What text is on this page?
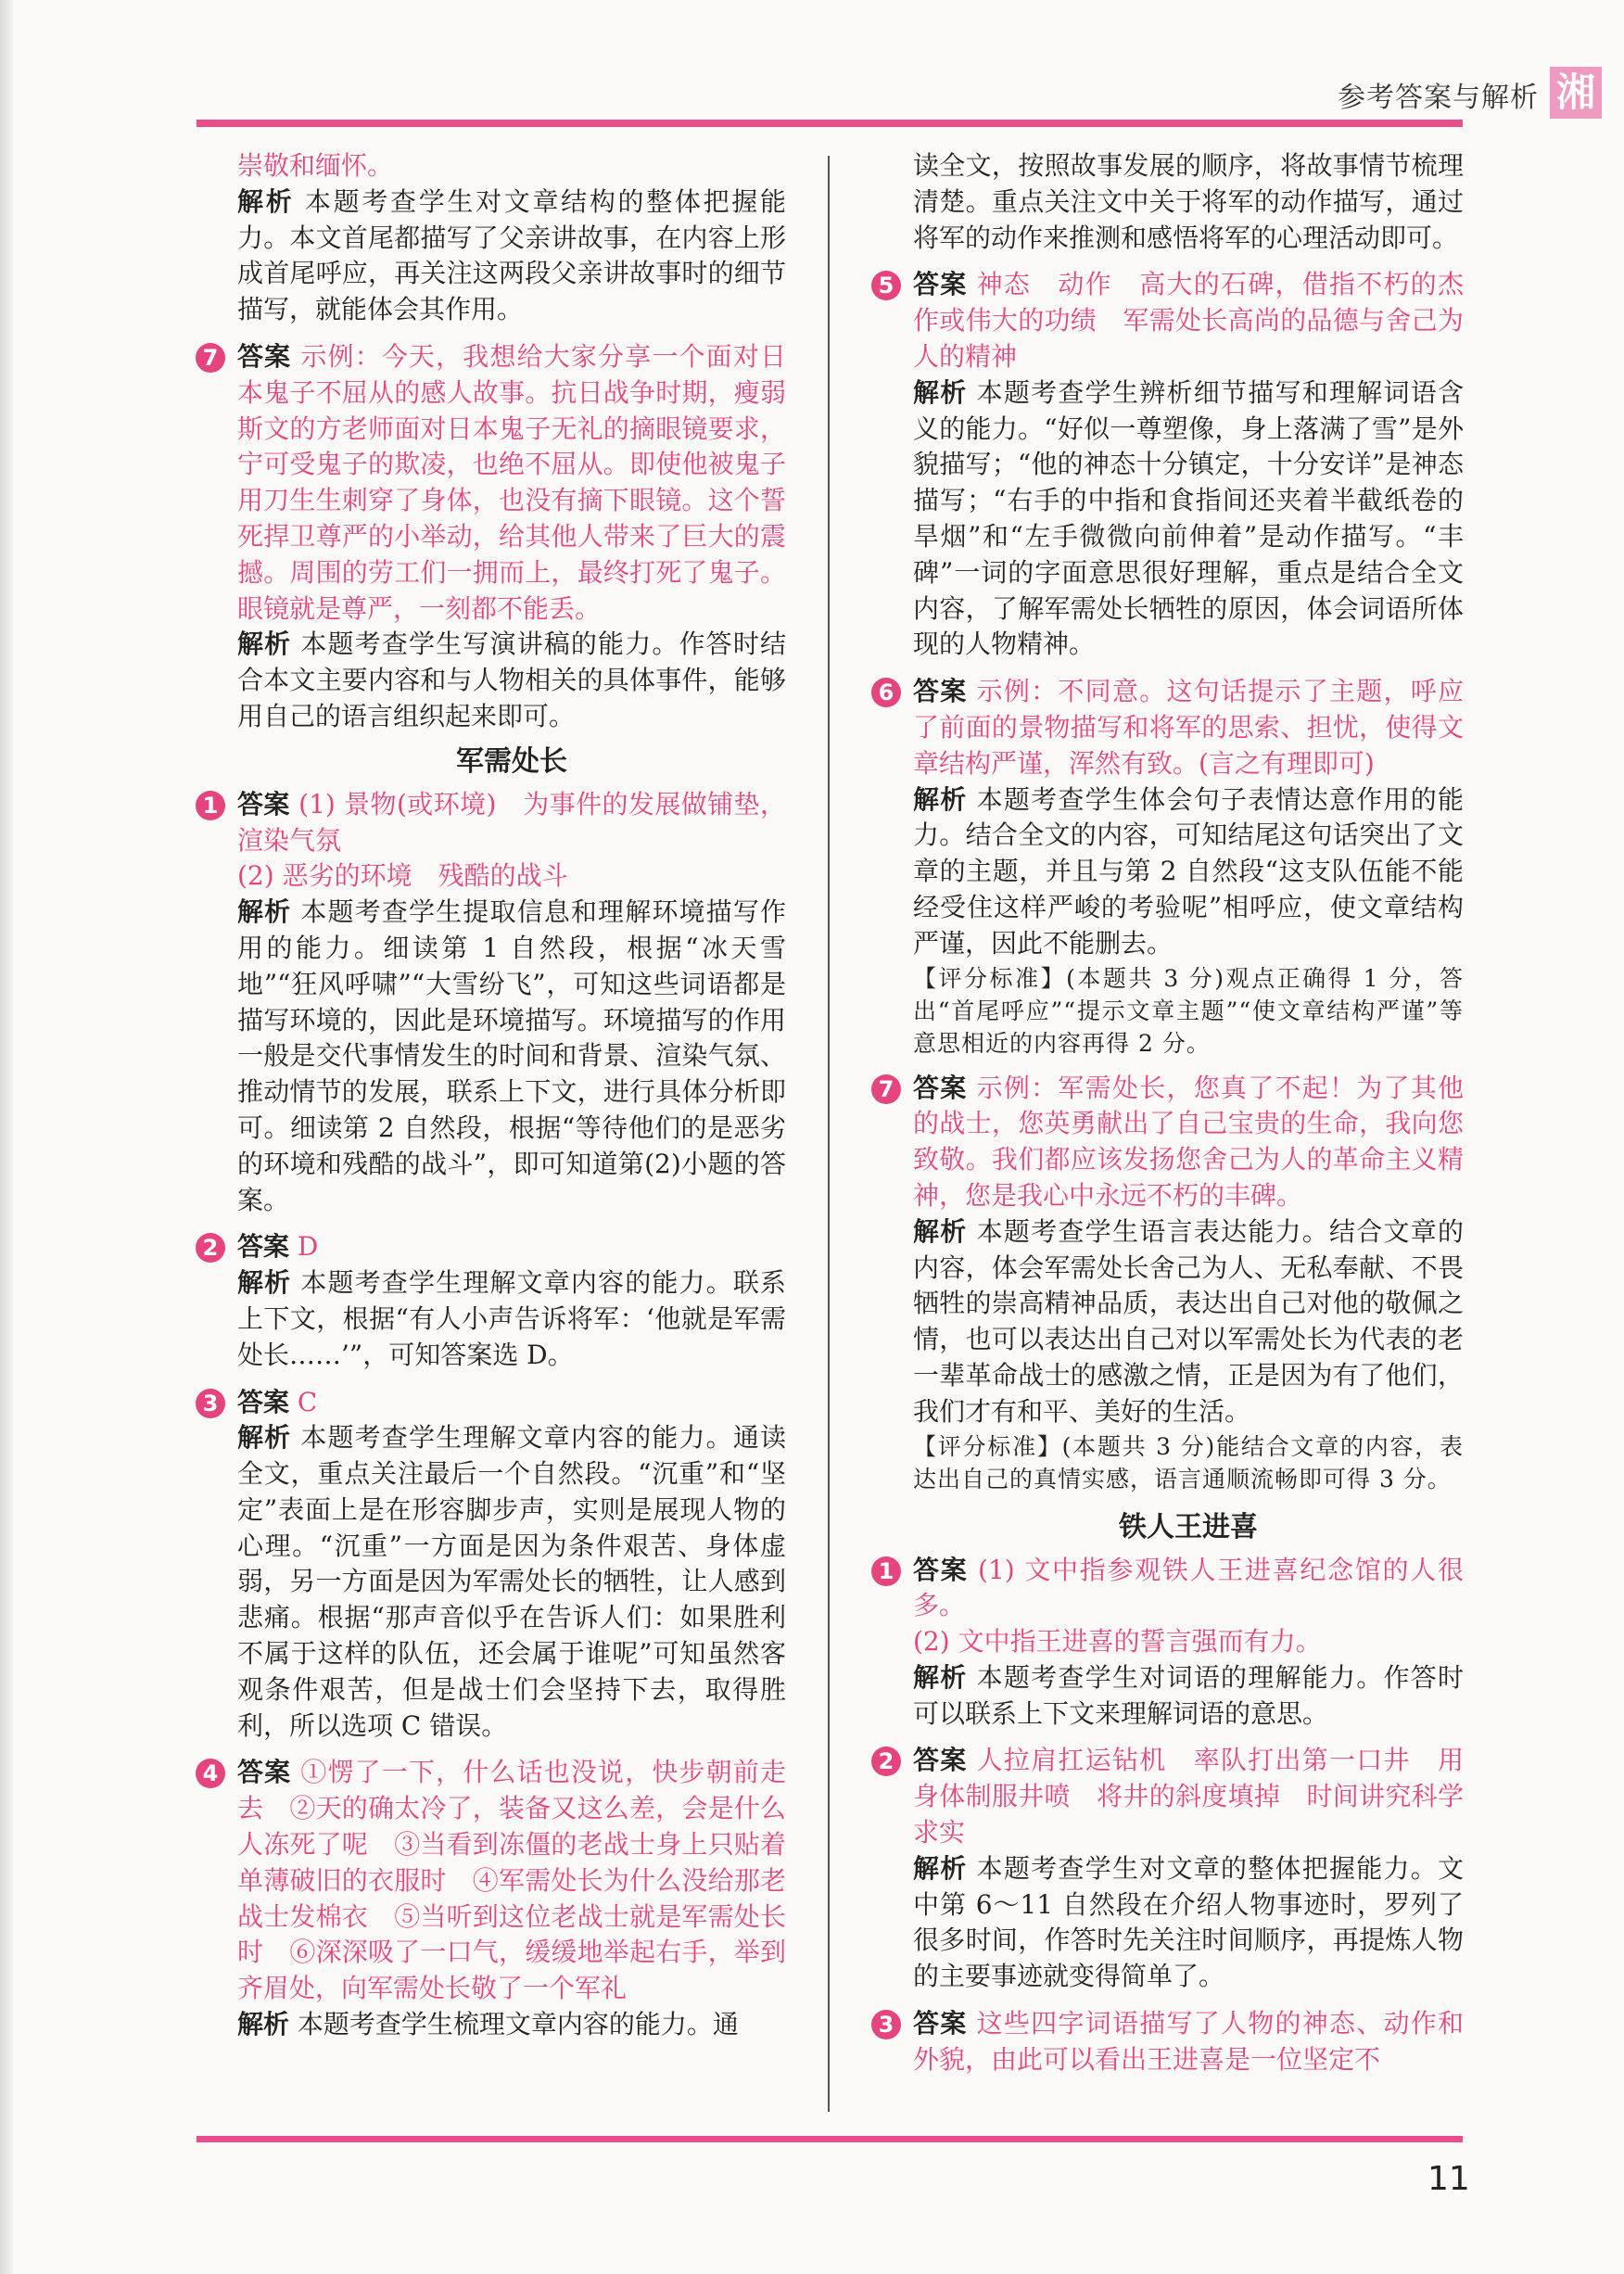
参考答案与解析 湘

崇敬和缅怀。

解析 本题考查学生对文章结构的整体把握能力。本文首尾都描写了父亲讲故事，在内容上形成首尾呼应，再关注这两段父亲讲故事时的细节描写，就能体会其作用。

7 答案 示例：今天，我想给大家分享一个面对日本鬼子不屈从的感人故事。抗日战争时期，瘦弱斯文的方老师面对日本鬼子无礼的摘眼镜要求，宁可受鬼子的欺凌，也绝不屈从。即使他被鬼子用刀生生刺穿了身体，也没有摘下眼镜。这个誓死捍卫尊严的小举动，给其他人带来了巨大的震撼。周围的劳工们一拥而上，最终打死了鬼子。眼镜就是尊严，一刻都不能丢。

解析 本题考查学生写演讲稿的能力。作答时结合本文主要内容和与人物相关的具体事件，能够用自己的语言组织起来即可。

军需处长

1 答案 (1) 景物(或环境)　为事件的发展做铺垫，渲染气氛

(2) 恶劣的环境　残酷的战斗

解析 本题考查学生提取信息和理解环境描写作用的能力。细读第 1 自然段，根据“冰天雪地”“狂风呼啸”“大雪纷飞”，可知这些词语都是描写环境的，因此是环境描写。环境描写的作用一般是交代事情发生的时间和背景、渲染气氛、推动情节的发展，联系上下文，进行具体分析即可。细读第 2 自然段，根据“等待他们的是恶劣的环境和残酷的战斗”，即可知道第(2)小题的答案。

2 答案 D

解析 本题考查学生理解文章内容的能力。联系上下文，根据“有人小声告诉将军：‘他就是军需处长……’”，可知答案选 D。

3 答案 C

解析 本题考查学生理解文章内容的能力。通读全文，重点关注最后一个自然段。“沉重”和“坚定”表面上是在形容脚步声，实则是展现人物的心理。“沉重”一方面是因为条件艰苦、身体虚弱，另一方面是因为军需处长的牺牲，让人感到悲痛。根据“那声音似乎在告诉人们：如果胜利不属于这样的队伍，还会属于谁呢”可知虽然客观条件艰苦，但是战士们会坚持下去，取得胜利，所以选项 C 错误。

4 答案 ①愣了一下，什么话也没说，快步朝前走去　②天的确太冷了，装备又这么差，会是什么人冻死了呢　③当看到冻僵的老战士身上只贴着单薄破旧的衣服时　④军需处长为什么没给那老战士发棉衣　⑤当听到这位老战士就是军需处长时　⑥深深吸了一口气，缓缓地举起右手，举到齐眉处，向军需处长敬了一个军礼

解析 本题考查学生梳理文章内容的能力。通

读全文，按照故事发展的顺序，将故事情节梳理清楚。重点关注文中关于将军的动作描写，通过将军的动作来推测和感悟将军的心理活动即可。

5 答案 神态　动作　高大的石碑，借指不朽的杰作或伟大的功绩　军需处长高尚的品德与舍己为人的精神

解析 本题考查学生辨析细节描写和理解词语含义的能力。“好似一尊塑像，身上落满了雪”是外貌描写；“他的神态十分镇定，十分安详”是神态描写；“右手的中指和食指间还夹着半截纸卷的旱烟”和“左手微微向前伸着”是动作描写。“丰碑”一词的字面意思很好理解，重点是结合全文内容，了解军需处长牺牲的原因，体会词语所体现的人物精神。

6 答案 示例：不同意。这句话提示了主题，呼应了前面的景物描写和将军的思索、担忧，使得文章结构严谨，浑然有致。(言之有理即可)

解析 本题考查学生体会句子表情达意作用的能力。结合全文的内容，可知结尾这句话突出了文章的主题，并且与第 2 自然段“这支队伍能不能经受住这样严峻的考验呢”相呼应，使文章结构严谨，因此不能删去。

【评分标准】(本题共 3 分)观点正确得 1 分，答出“首尾呼应”“提示文章主题”“使文章结构严谨”等意思相近的内容再得 2 分。

7 答案 示例：军需处长，您真了不起！为了其他的战士，您英勇献出了自己宝贵的生命，我向您致敬。我们都应该发扬您舍己为人的革命主义精神，您是我心中永远不朽的丰碑。

解析 本题考查学生语言表达能力。结合文章的内容，体会军需处长舍己为人、无私奉献、不畏牺牲的崇高精神品质，表达出自己对他的敬佩之情，也可以表达出自己对以军需处长为代表的老一辈革命战士的感激之情，正是因为有了他们，我们才有和平、美好的生活。

【评分标准】(本题共 3 分)能结合文章的内容，表达出自己的真情实感，语言通顺流畅即可得 3 分。

铁人王进喜

1 答案 (1) 文中指参观铁人王进喜纪念馆的人很多。

(2) 文中指王进喜的誓言强而有力。

解析 本题考查学生对词语的理解能力。作答时可以联系上下文来理解词语的意思。

2 答案 人拉肩扛运钻机　率队打出第一口井　用身体制服井喷　将井的斜度填掉　时间讲究科学求实

解析 本题考查学生对文章的整体把握能力。文中第 6～11 自然段在介绍人物事迹时，罗列了很多时间，作答时先关注时间顺序，再提炼人物的主要事迹就变得简单了。

3 答案 这些四字词语描写了人物的神态、动作和外貌，由此可以看出王进喜是一位坚定不

11
